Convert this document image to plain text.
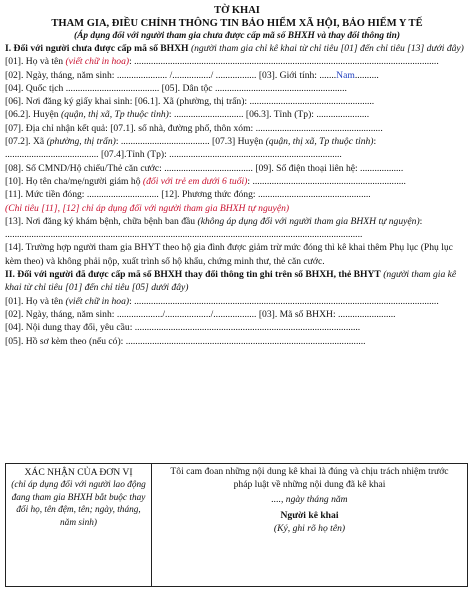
TỜ KHAI
THAM GIA, ĐIỀU CHỈNH THÔNG TIN BẢO HIỂM XÃ HỘI, BẢO HIỂM Y TẾ
(Áp dụng đối với người tham gia chưa được cấp mã số BHXH và thay đổi thông tin)
I. Đối với người chưa được cấp mã số BHXH (người tham gia chỉ kê khai từ chỉ tiêu [01] đến chỉ tiêu [13] dưới đây)
[01]. Họ và tên (viết chữ in hoa): ...............................................................................................................................
[02]. Ngày, tháng, năm sinh: ..................... /................/ ................. [03]. Giới tính: .......Nam..........
[04]. Quốc tịch ....................................... [05]. Dân tộc .......................................................
[06]. Nơi đăng ký giấy khai sinh: [06.1]. Xã (phường, thị trấn): ....................................................
[06.2]. Huyện (quận, thị xã, Tp thuộc tỉnh): ............................. [06.3]. Tỉnh (Tp): ......................
[07]. Địa chỉ nhận kết quả: [07.1]. số nhà, đường phố, thôn xóm: .....................................................
[07.2]. Xã (phường, thị trấn): ..................................... [07.3] Huyện (quận, thị xã, Tp thuộc tỉnh):
....................................... [07.4].Tỉnh (Tp): ........................................................................
[08]. Số CMND/Hộ chiếu/Thẻ căn cước: ..................................... [09]. Số điện thoại liên hệ: ..................
[10]. Họ tên cha/mẹ/người giám hộ (đối với trẻ em dưới 6 tuổi): ................................................................
[11]. Mức tiền đóng: .............................. [12]. Phương thức đóng: ...............................................
(Chỉ tiêu [11], [12] chỉ áp dụng đối với người tham gia BHXH tự nguyện)
[13]. Nơi đăng ký khám bệnh, chữa bệnh ban đầu (không áp dụng đối với người tham gia BHXH tự nguyện):
.....................................................................................................................................................
[14]. Trường hợp người tham gia BHYT theo hộ gia đình được giảm trừ mức đóng thì kê khai thêm Phụ lục (Phụ lục kèm theo) và không phải nộp, xuất trình sổ hộ khẩu, chứng minh thư, thẻ căn cước.
II. Đối với người đã được cấp mã số BHXH thay đổi thông tin ghi trên sổ BHXH, thẻ BHYT (người tham gia kê khai từ chỉ tiêu [01] đến chỉ tiêu [05] dưới đây)
[01]. Họ và tên (viết chữ in hoa): ...............................................................................................................................
[02]. Ngày, tháng, năm sinh: .................../.................../.................. [03]. Mã số BHXH: ........................
[04]. Nội dung thay đổi, yêu cầu: ..............................................................................................
[05]. Hồ sơ kèm theo (nếu có): ....................................................................................................
XÁC NHẬN CỦA ĐƠN VỊ
(chỉ áp dụng đối với người lao động đang tham gia BHXH bắt buộc thay đổi họ, tên đệm, tên; ngày, tháng, năm sinh)
Tôi cam đoan những nội dung kê khai là đúng và chịu trách nhiệm trước pháp luật về những nội dung đã kê khai
...., ngày tháng năm
Người kê khai
(Ký, ghi rõ họ tên)
